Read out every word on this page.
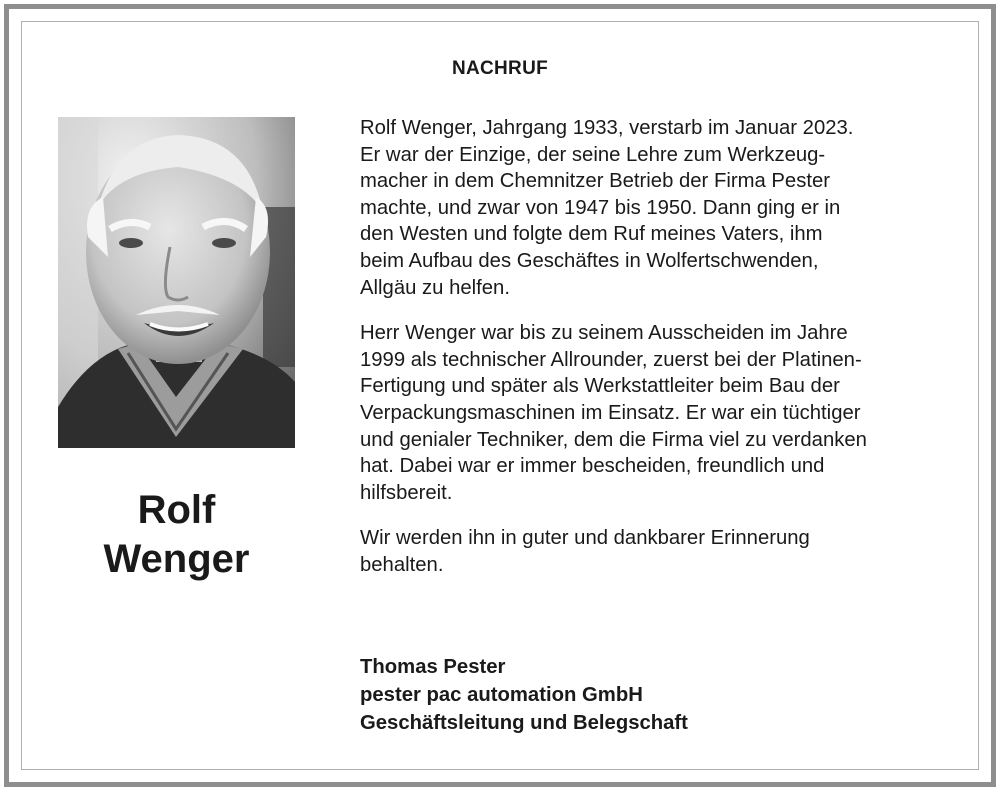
NACHRUF
Rolf
Wenger

Rolf Wenger, Jahrgang 1933, verstarb im Januar 2023.
Er war der Einzige, der seine Lehre zum Werkzeug-
macher in dem Chemnitzer Betrieb der Firma Pester
machte, und zwar von 1947 bis 1950. Dann ging er in
den Westen und folgte dem Ruf meines Vaters, ihm
beim Aufbau des Geschäftes in Wolfertschwenden,
Allgäu zu helfen.

Herr Wenger war bis zu seinem Ausscheiden im Jahre
1999 als technischer Allrounder, zuerst bei der Platinen-
Fertigung und später als Werkstattleiter beim Bau der
Verpackungsmaschinen im Einsatz. Er war ein tüchtiger
und genialer Techniker, dem die Firma viel zu verdanken
hat. Dabei war er immer bescheiden, freundlich und
hilfsbereit.

Wir werden ihn in guter und dankbarer Erinnerung
behalten.

Thomas Pester
pester pac automation GmbH
Geschäftsleitung und Belegschaft
